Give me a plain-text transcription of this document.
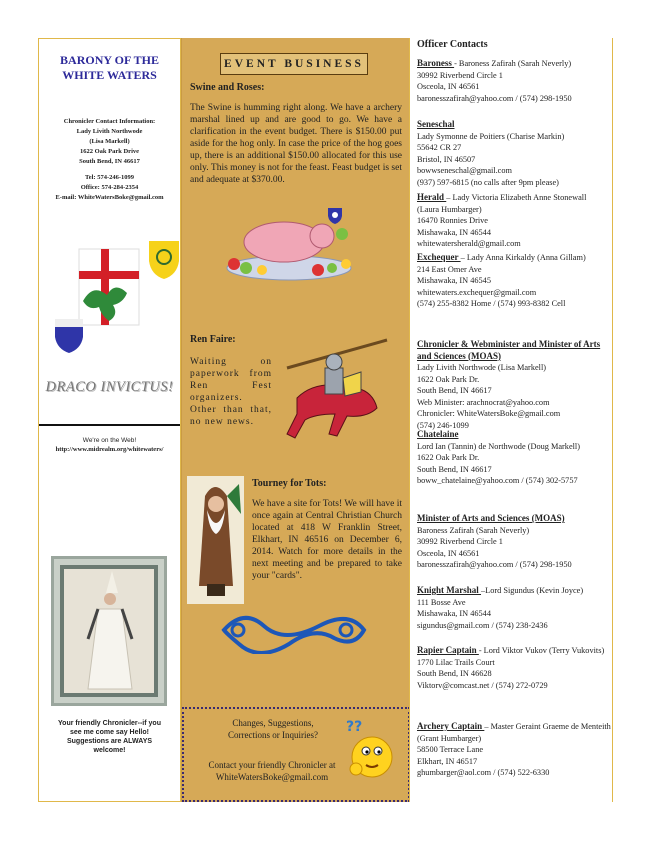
BARONY OF THE
WHITE WATERS
Chronicler Contact Information:
Lady Livith Northwode
(Lisa Markell)
1622 Oak Park Drive
South Bend, IN 46617
Tel: 574-246-1099
Office: 574-284-2354
E-mail: WhiteWatersBoke@gmail.com
DRACO INVICTUS!
We're on the Web!
http://www.midrealm.org/whitewaters/
Your friendly Chronicler--if you
see me come say Hello!
Suggestions are ALWAYS
welcome!
EVENT BUSINESS
Swine and Roses:
The Swine is humming right along. We have a archery marshal lined up and are good to go. We have a clarification in the event budget. There is $150.00 put aside for the hog only. In case the price of the hog goes up, there is an additional $150.00 allocated for this use only. This money is not for the feast. Feast budget is set and adequate at $370.00.
Ren Faire:
Waiting on paperwork from Ren Fest organizers. Other than that, no new news.
Tourney for Tots:
We have a site for Tots! We will have it once again at Central Christian Church located at 418 W Franklin Street, Elkhart, IN 46516 on December 6, 2014. Watch for more details in the next meeting and be prepared to take your "cards".
Changes, Suggestions,
Corrections or Inquiries?
Contact your friendly Chronicler at
WhiteWatersBoke@gmail.com
??
Officer Contacts
Baroness - Baroness Zafirah (Sarah Neverly)
30992 Riverbend Circle 1
Osceola, IN 46561
baronesszafirah@yahoo.com / (574) 298-1950
Seneschal
Lady Symonne de Poitiers (Charise Markin)
55642 CR 27
Bristol, IN 46507
bowwseneschal@gmail.com
(937) 597-6815 (no calls after 9pm please)
Herald – Lady Victoria Elizabeth Anne Stonewall
(Laura Humbarger)
16470 Ronnies Drive
Mishawaka, IN 46544
whitewatersherald@gmail.com
Exchequer – Lady Anna Kirkaldy (Anna Gillam)
214 East Omer Ave
Mishawaka, IN 46545
whitewaters.exchequer@gmail.com
(574) 255-8382 Home / (574) 993-8382 Cell
Chronicler & Webminister and Minister of Arts and Sciences (MOAS)
Lady Livith Northwode (Lisa Markell)
1622 Oak Park Dr.
South Bend, IN 46617
Web Minister: arachnocrat@yahoo.com
Chronicler: WhiteWatersBoke@gmail.com
(574) 246-1099
Chatelaine
Lord Ian (Tannin) de Northwode (Doug Markell)
1622 Oak Park Dr.
South Bend, IN 46617
boww_chatelaine@yahoo.com / (574) 302-5757
Minister of Arts and Sciences (MOAS)
Baroness Zafirah (Sarah Neverly)
30992 Riverbend Circle 1
Osceola, IN 46561
baronesszafirah@yahoo.com / (574) 298-1950
Knight Marshal –Lord Sigundus (Kevin Joyce)
111 Bosse Ave
Mishawaka, IN 46544
sigundus@gmail.com / (574) 238-2436
Rapier Captain - Lord Viktor Vukov (Terry Vukovits)
1770 Lilac Trails Court
South Bend, IN 46628
Viktorv@comcast.net / (574) 272-0729
Archery Captain – Master Geraint Graeme de Menteith (Grant Humbarger)
58500 Terrace Lane
Elkhart, IN 46517
ghumbarger@aol.com / (574) 522-6330
